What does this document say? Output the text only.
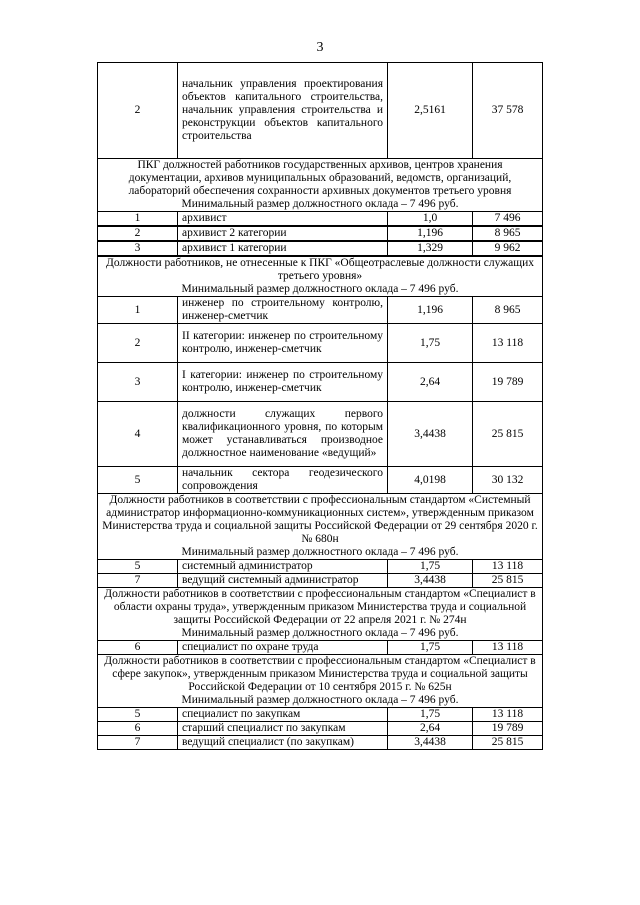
3
2	начальник управления проектирования объектов капитального строительства, начальник управления строительства и реконструкции объектов капитального строительства	2,5161	37 578

ПКГ должностей работников государственных архивов, центров хранения документации, архивов муниципальных образований, ведомств, организаций, лабораторий обеспечения сохранности архивных документов третьего уровня
Минимальный размер должностного оклада – 7 496 руб.			

1	архивист	1,0	7 496
2	архивист 2 категории	1,196	8 965
3	архивист 1 категории	1,329	9 962

Должности работников, не отнесенные к ПКГ «Общеотраслевые должности служащих третьего уровня»
Минимальный размер должностного оклада – 7 496 руб.			

1	инженер по строительному контролю, инженер-сметчик	1,196	8 965
2	II категории: инженер по строительному контролю, инженер-сметчик	1,75	13 118
3	I категории: инженер по строительному контролю, инженер-сметчик	2,64	19 789
4	должности служащих первого квалификационного уровня, по которым может устанавливаться производное должностное наименование «ведущий»	3,4438	25 815
5	начальник сектора геодезического сопровождения	4,0198	30 132

Должности работников в соответствии с профессиональным стандартом «Системный администратор информационно-коммуникационных систем», утвержденным приказом Министерства труда и социальной защиты Российской Федерации от 29 сентября 2020 г. № 680н
Минимальный размер должностного оклада – 7 496 руб.			

5	системный администратор	1,75	13 118
7	ведущий системный администратор	3,4438	25 815

Должности работников в соответствии с профессиональным стандартом «Специалист в области охраны труда», утвержденным приказом Министерства труда и социальной защиты Российской Федерации от 22 апреля 2021 г. № 274н
Минимальный размер должностного оклада – 7 496 руб.			

6	специалист по охране труда	1,75	13 118

Должности работников в соответствии с профессиональным стандартом «Специалист в сфере закупок», утвержденным приказом Министерства труда и социальной защиты Российской Федерации от 10 сентября 2015 г. № 625н
Минимальный размер должностного оклада – 7 496 руб.			

5	специалист по закупкам	1,75	13 118
6	старший специалист по закупкам	2,64	19 789
7	ведущий специалист (по закупкам)	3,4438	25 815
